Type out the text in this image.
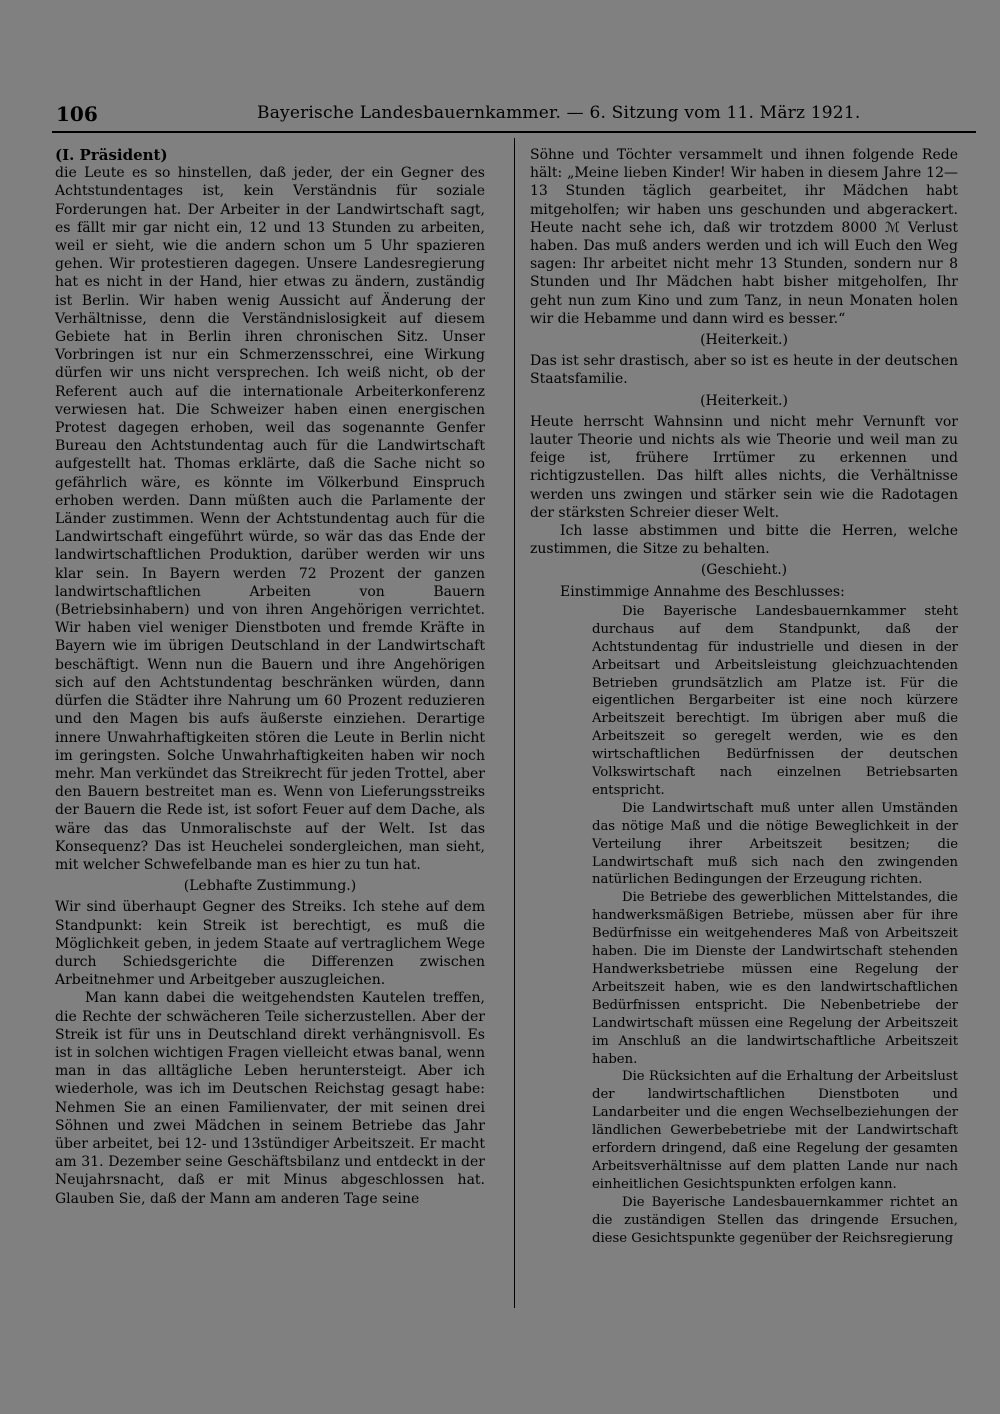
106	Bayerische Landesbauernkammer. — 6. Sitzung vom 11. März 1921.

(I. Präsident)

die Leute es so hinstellen, daß jeder, der ein Gegner des Achtstundentages ist, kein Verständnis für soziale Forderungen hat. Der Arbeiter in der Landwirtschaft sagt, es fällt mir gar nicht ein, 12 und 13 Stunden zu arbeiten, weil er sieht, wie die andern schon um 5 Uhr spazieren gehen. Wir protestieren dagegen. Unsere Landesregierung hat es nicht in der Hand, hier etwas zu ändern, zuständig ist Berlin. Wir haben wenig Aussicht auf Änderung der Verhältnisse, denn die Verständnislosigkeit auf diesem Gebiete hat in Berlin ihren chronischen Sitz. Unser Vorbringen ist nur ein Schmerzensschrei, eine Wirkung dürfen wir uns nicht versprechen. Ich weiß nicht, ob der Referent auch auf die internationale Arbeiterkonferenz verwiesen hat. Die Schweizer haben einen energischen Protest dagegen erhoben, weil das sogenannte Genfer Bureau den Achtstundentag auch für die Landwirtschaft aufgestellt hat. Thomas erklärte, daß die Sache nicht so gefährlich wäre, es könnte im Völkerbund Einspruch erhoben werden. Dann müßten auch die Parlamente der Länder zustimmen. Wenn der Achtstundentag auch für die Landwirtschaft eingeführt würde, so wär das das Ende der landwirtschaftlichen Produktion, darüber werden wir uns klar sein. In Bayern werden 72 Prozent der ganzen landwirtschaftlichen Arbeiten von Bauern (Betriebsinhabern) und von ihren Angehörigen verrichtet. Wir haben viel weniger Dienstboten und fremde Kräfte in Bayern wie im übrigen Deutschland in der Landwirtschaft beschäftigt. Wenn nun die Bauern und ihre Angehörigen sich auf den Achtstundentag beschränken würden, dann dürfen die Städter ihre Nahrung um 60 Prozent reduzieren und den Magen bis aufs äußerste einziehen. Derartige innere Unwahrhaftigkeiten stören die Leute in Berlin nicht im geringsten. Solche Unwahrhaftigkeiten haben wir noch mehr. Man verkündet das Streikrecht für jeden Trottel, aber den Bauern bestreitet man es. Wenn von Lieferungsstreiks der Bauern die Rede ist, ist sofort Feuer auf dem Dache, als wäre das das Unmoralischste auf der Welt. Ist das Konsequenz? Das ist Heuchelei sondergleichen, man sieht, mit welcher Schwefelbande man es hier zu tun hat.

(Lebhafte Zustimmung.)

Wir sind überhaupt Gegner des Streiks. Ich stehe auf dem Standpunkt: kein Streik ist berechtigt, es muß die Möglichkeit geben, in jedem Staate auf vertraglichem Wege durch Schiedsgerichte die Differenzen zwischen Arbeitnehmer und Arbeitgeber auszugleichen.

Man kann dabei die weitgehendsten Kautelen treffen, die Rechte der schwächeren Teile sicherzustellen. Aber der Streik ist für uns in Deutschland direkt verhängnisvoll. Es ist in solchen wichtigen Fragen vielleicht etwas banal, wenn man in das alltägliche Leben heruntersteigt. Aber ich wiederhole, was ich im Deutschen Reichstag gesagt habe: Nehmen Sie an einen Familienvater, der mit seinen drei Söhnen und zwei Mädchen in seinem Betriebe das Jahr über arbeitet, bei 12- und 13stündiger Arbeitszeit. Er macht am 31. Dezember seine Geschäftsbilanz und entdeckt in der Neujahrsnacht, daß er mit Minus abgeschlossen hat. Glauben Sie, daß der Mann am anderen Tage seine

Söhne und Töchter versammelt und ihnen folgende Rede hält: „Meine lieben Kinder! Wir haben in diesem Jahre 12—13 Stunden täglich gearbeitet, ihr Mädchen habt mitgeholfen; wir haben uns geschunden und abgerackert. Heute nacht sehe ich, daß wir trotzdem 8000 ℳ Verlust haben. Das muß anders werden und ich will Euch den Weg sagen: Ihr arbeitet nicht mehr 13 Stunden, sondern nur 8 Stunden und Ihr Mädchen habt bisher mitgeholfen, Ihr geht nun zum Kino und zum Tanz, in neun Monaten holen wir die Hebamme und dann wird es besser.“

(Heiterkeit.)

Das ist sehr drastisch, aber so ist es heute in der deutschen Staatsfamilie.

(Heiterkeit.)

Heute herrscht Wahnsinn und nicht mehr Vernunft vor lauter Theorie und nichts als wie Theorie und weil man zu feige ist, frühere Irrtümer zu erkennen und richtigzustellen. Das hilft alles nichts, die Verhältnisse werden uns zwingen und stärker sein wie die Radotagen der stärksten Schreier dieser Welt.

Ich lasse abstimmen und bitte die Herren, welche zustimmen, die Sitze zu behalten.

(Geschieht.)

Einstimmige Annahme des Beschlusses:

Die Bayerische Landesbauernkammer steht durchaus auf dem Standpunkt, daß der Achtstundentag für industrielle und diesen in der Arbeitsart und Arbeitsleistung gleichzuachtenden Betrieben grundsätzlich am Platze ist. Für die eigentlichen Bergarbeiter ist eine noch kürzere Arbeitszeit berechtigt. Im übrigen aber muß die Arbeitszeit so geregelt werden, wie es den wirtschaftlichen Bedürfnissen der deutschen Volkswirtschaft nach einzelnen Betriebsarten entspricht.

Die Landwirtschaft muß unter allen Umständen das nötige Maß und die nötige Beweglichkeit in der Verteilung ihrer Arbeitszeit besitzen; die Landwirtschaft muß sich nach den zwingenden natürlichen Bedingungen der Erzeugung richten.

Die Betriebe des gewerblichen Mittelstandes, die handwerksmäßigen Betriebe, müssen aber für ihre Bedürfnisse ein weitgehenderes Maß von Arbeitszeit haben. Die im Dienste der Landwirtschaft stehenden Handwerksbetriebe müssen eine Regelung der Arbeitszeit haben, wie es den landwirtschaftlichen Bedürfnissen entspricht. Die Nebenbetriebe der Landwirtschaft müssen eine Regelung der Arbeitszeit im Anschluß an die landwirtschaftliche Arbeitszeit haben.

Die Rücksichten auf die Erhaltung der Arbeitslust der landwirtschaftlichen Dienstboten und Landarbeiter und die engen Wechselbeziehungen der ländlichen Gewerbebetriebe mit der Landwirtschaft erfordern dringend, daß eine Regelung der gesamten Arbeitsverhältnisse auf dem platten Lande nur nach einheitlichen Gesichtspunkten erfolgen kann.

Die Bayerische Landesbauernkammer richtet an die zuständigen Stellen das dringende Ersuchen, diese Gesichtspunkte gegenüber der Reichsregierung
